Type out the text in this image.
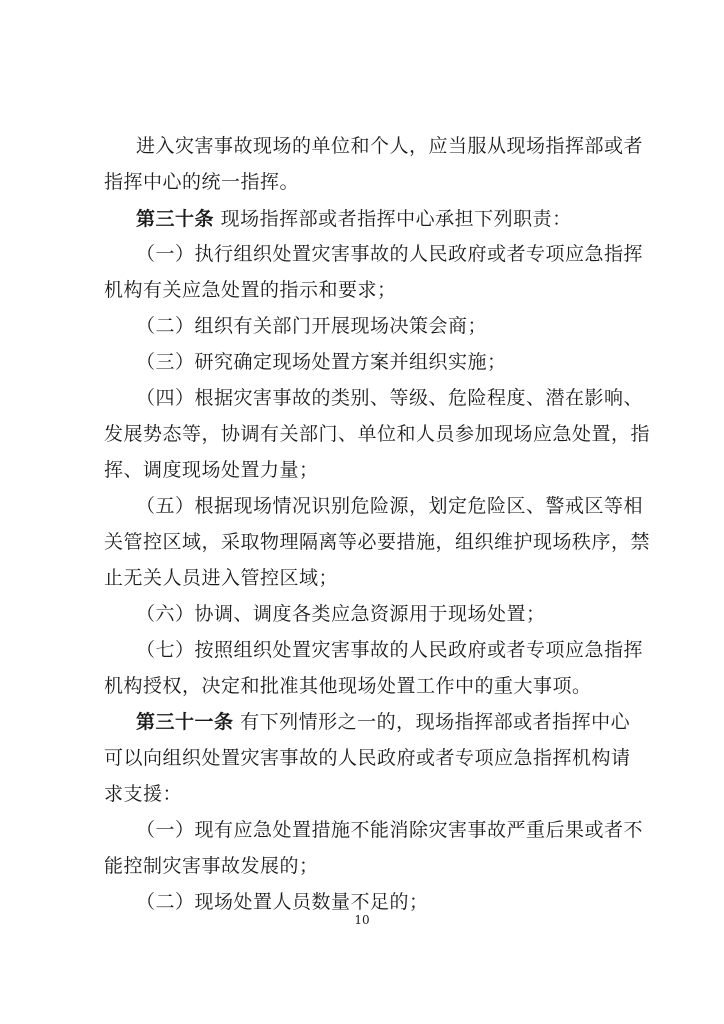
进入灾害事故现场的单位和个人，应当服从现场指挥部或者
指挥中心的统一指挥。
第三十条 现场指挥部或者指挥中心承担下列职责：
（一）执行组织处置灾害事故的人民政府或者专项应急指挥
机构有关应急处置的指示和要求；
（二）组织有关部门开展现场决策会商；
（三）研究确定现场处置方案并组织实施；
（四）根据灾害事故的类别、等级、危险程度、潜在影响、
发展势态等，协调有关部门、单位和人员参加现场应急处置，指
挥、调度现场处置力量；
（五）根据现场情况识别危险源，划定危险区、警戒区等相
关管控区域，采取物理隔离等必要措施，组织维护现场秩序，禁
止无关人员进入管控区域；
（六）协调、调度各类应急资源用于现场处置；
（七）按照组织处置灾害事故的人民政府或者专项应急指挥
机构授权，决定和批准其他现场处置工作中的重大事项。
第三十一条 有下列情形之一的，现场指挥部或者指挥中心
可以向组织处置灾害事故的人民政府或者专项应急指挥机构请
求支援：
（一）现有应急处置措施不能消除灾害事故严重后果或者不
能控制灾害事故发展的；
（二）现场处置人员数量不足的；
10
